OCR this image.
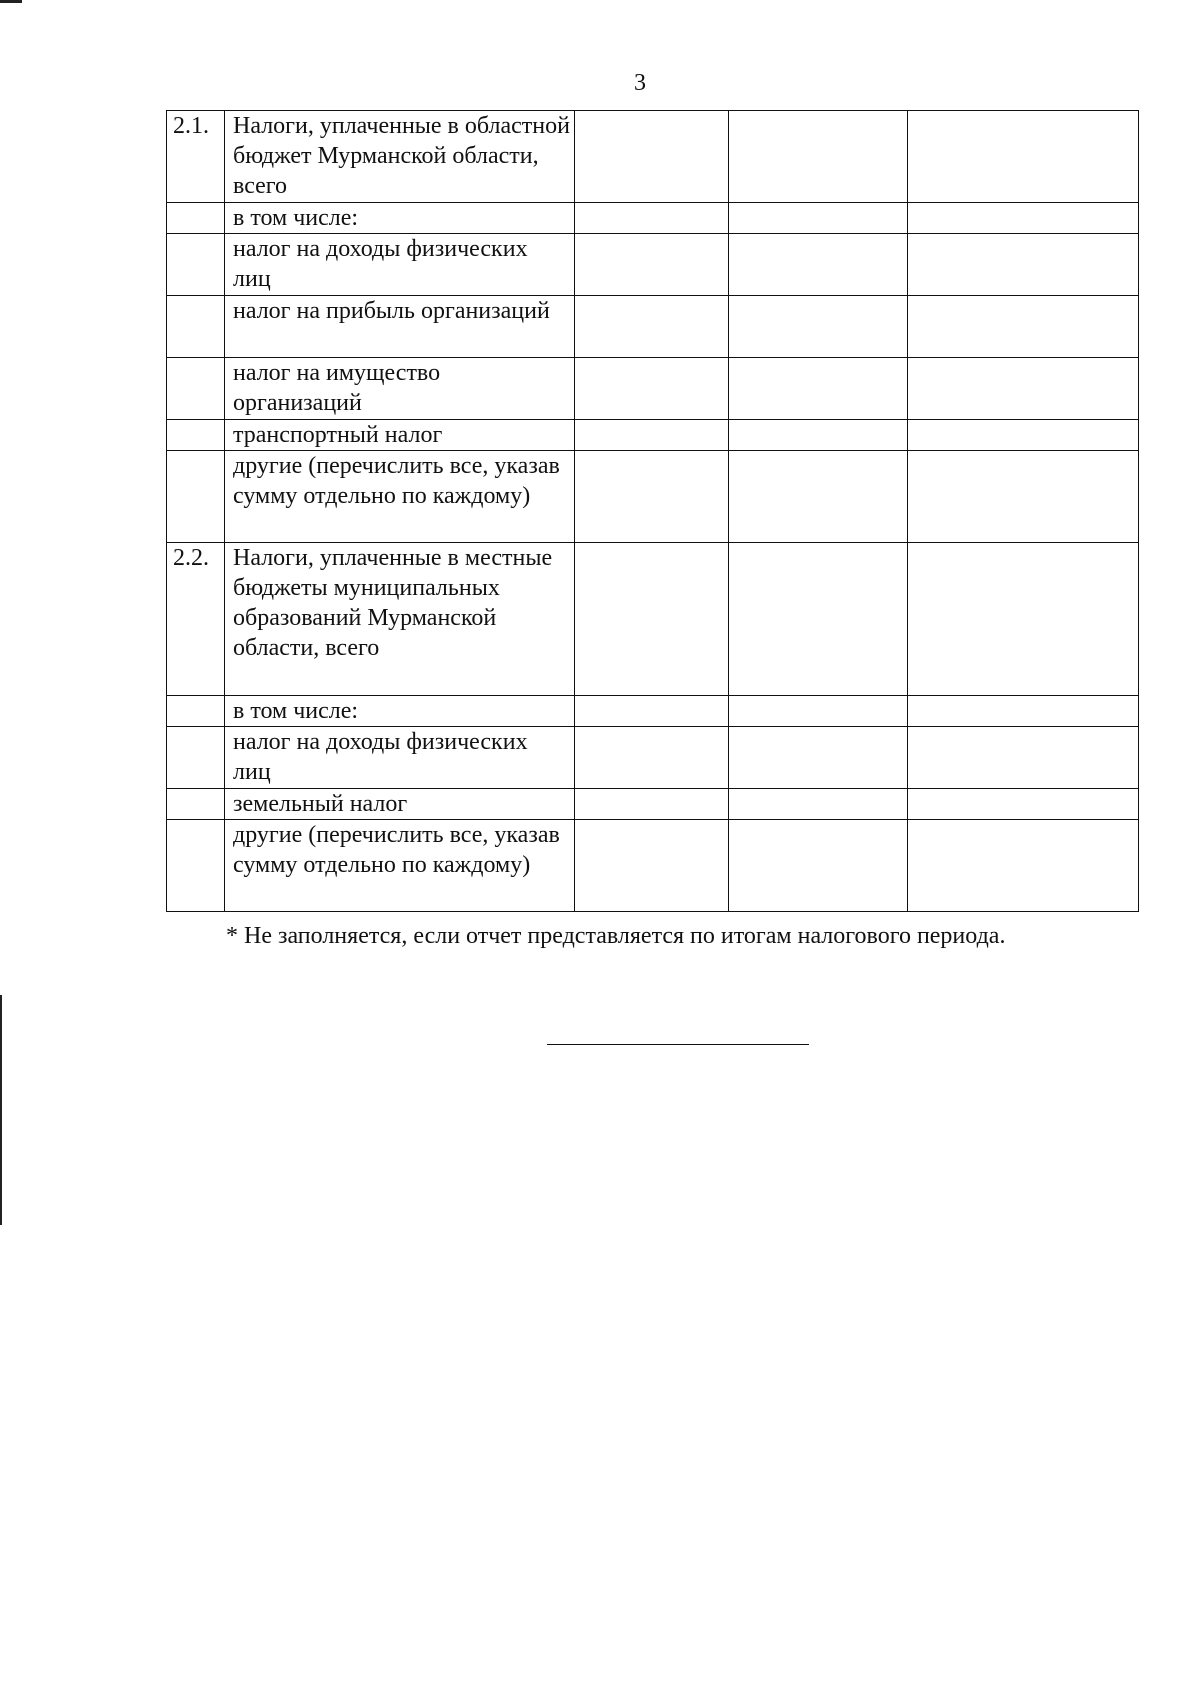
3
2.1.	Налоги, уплаченные в областной бюджет Мурманской области, всего			
	в том числе:			
	налог на доходы физических лиц			
	налог на прибыль организаций			
	налог на имущество организаций			
	транспортный налог			
	другие (перечислить все, указав сумму отдельно по каждому)			
2.2.	Налоги, уплаченные в местные бюджеты муниципальных образований Мурманской области, всего			
	в том числе:			
	налог на доходы физических лиц			
	земельный налог			
	другие (перечислить все, указав сумму отдельно по каждому)			
* Не заполняется, если отчет представляется по итогам налогового периода.
